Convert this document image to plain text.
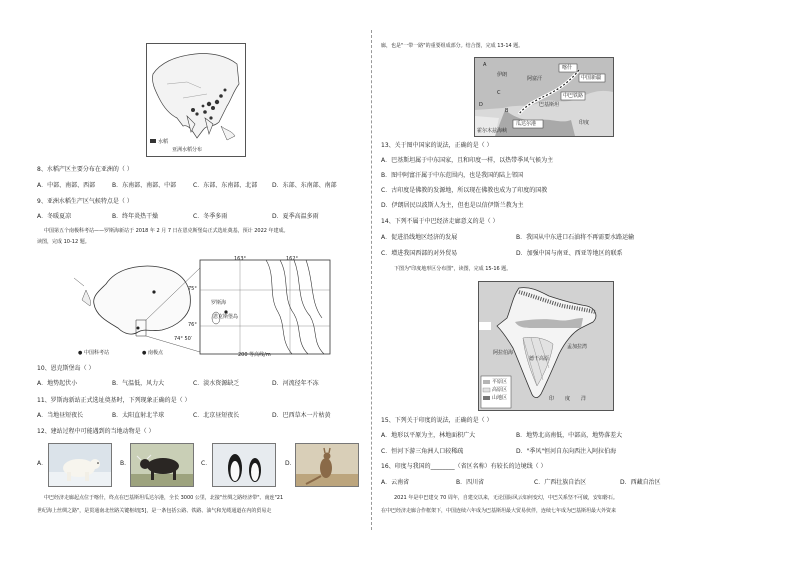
水稻
亚洲水稻分布
8、水稻产区主要分布在亚洲的（ ）
A．中部、南部、西部	B．东南部、南部、中部	C．东部、东南部、北部 D．东部、东南部、南部
9、亚洲水稻生产区气候特点是（ ）
A．冬暖夏凉	B．终年炎热干燥	C．冬季多雨	D．夏季高温多雨
中国第五个南极科考站——罗斯海新站于 2018 年 2 月 7 日在恩克斯堡岛正式选址奠基，预计 2022 年建成。
读图，完成 10-12 题。
罗斯海
恩克斯堡岛
163°	162°
75°
76°
74° 50′
● 中国科考站	● 南极点	200 等高线/m
10、恩克斯堡岛（ ）
A．地势起伏小	B．气温低，风力大	C．淡水资源缺乏	D．河流径年不冻
11、罗斯海新站正式选址奠基时，下列现象正确的是（ ）
A．当地昼短夜长	B．太阳直射北半球	C．北京昼短夜长	D．巴西草木一片枯黄
12、建站过程中可能遇到的当地动物是（ ）
A．	B．	C．	D．
中巴经济走廊起点位于喀什，终点在巴基斯坦瓜达尔港，全长 3000 公里，北接"丝绸之路经济带"、南连"21
世纪海上丝绸之路"，是贯通南北丝路关键枢纽[5]，是一条包括公路、铁路、油气和光缆通道在内的贸易走
廊，也是"一带一路"的重要组成部分。结合图，完成 13-14 题。
喀什
伊朗
阿富汗	中国新疆
中巴铁路
巴基斯坦
瓜达尔港	印度
霍尔木兹海峡
A
B
C
D
13、关于图中国家的说法，正确的是（ ）
A．巴基斯坦属于中东国家，且和印度一样，以热带季风气候为主
B．图中阿富汗属于中东范围内，也是我国的陆上邻国
C．古印度是佛教的发源地，所以现在佛教也成为了印度的国教
D．伊朗居民以波斯人为主，但也是以信伊斯兰教为主
14、下列不属于中巴经济走廊意义的是（ ）
A．促进沿线地区经济的发展	B．我国从中东进口石油将不再需要水路运输
C．增进我国西部的对外贸易	D．加强中国与南亚、西亚等地区的联系
下图为"印度地形区分布图"，读图，完成 15-16 题。
孟加拉湾
阿拉伯海
德干高原
印 度 洋
平原区
高原区
山地区
15、下列关于印度的说法，正确的是（ ）
A．地形以平原为主，林地面积广大	B．地势北高南低，中部高，地势落差大
C．恒河下游三角洲人口较稀疏	D．"季风"恒河自东向西注入阿拉伯海
16、印度与我国的________（省区名称）有较长的边境线（ ）
A．云南省	B．四川省	C．广西壮族自治区	D．西藏自治区
2021 年是中巴建交 70 周年，自建交以来，无论国际风云如何变幻，中巴关系坚不可破，安如磐石。
在中巴经济走廊合作框架下，中国连续六年成为巴基斯坦最大贸易伙伴，连续七年成为巴基斯坦最大外资来
